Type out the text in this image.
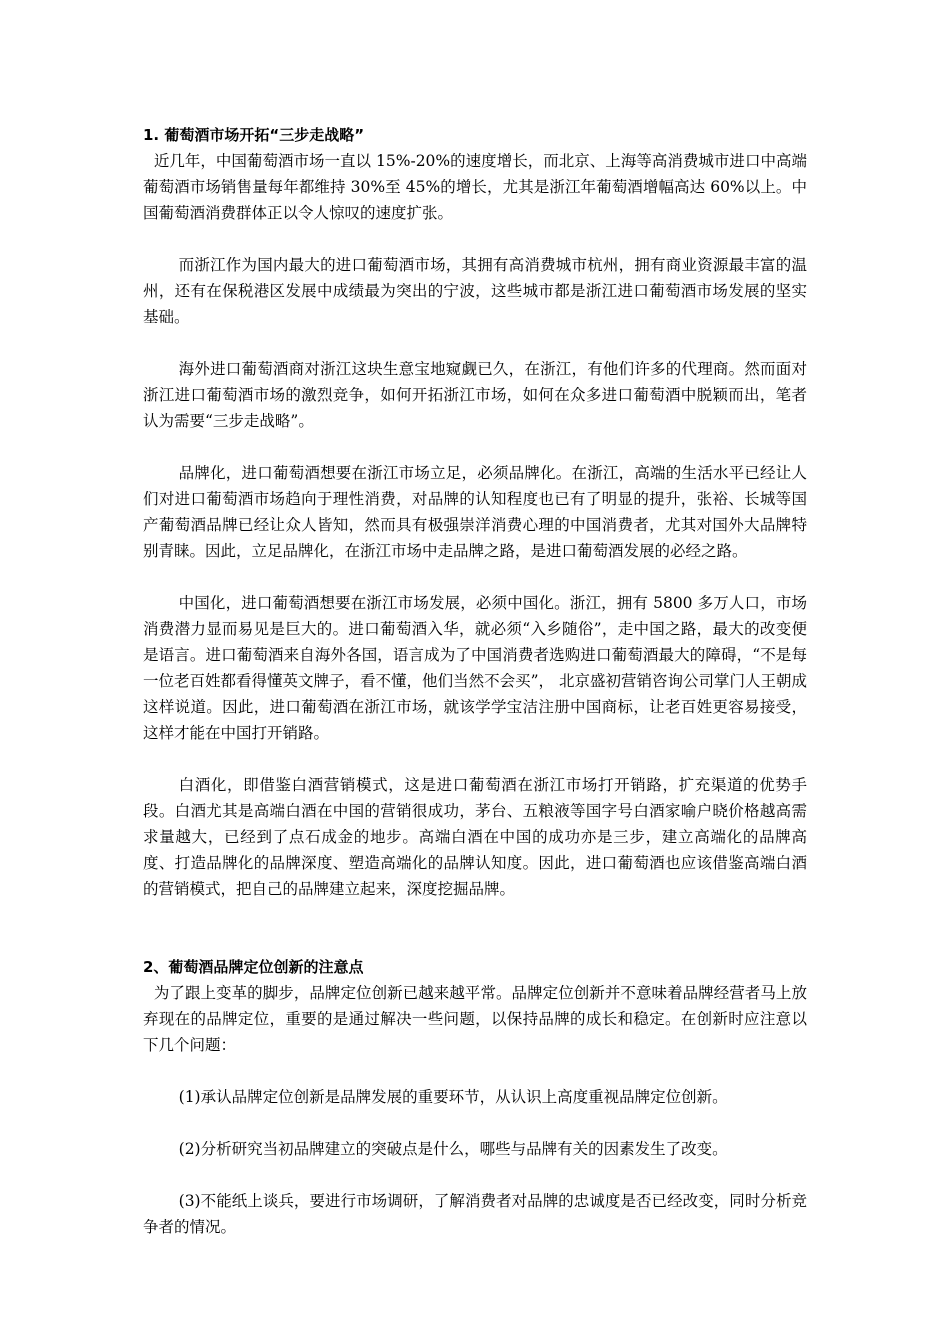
1. 葡萄酒市场开拓“三步走战略”

近几年，中国葡萄酒市场一直以 15%-20%的速度增长，而北京、上海等高消费城市进口中高端葡萄酒市场销售量每年都维持 30%至 45%的增长，尤其是浙江年葡萄酒增幅高达 60%以上。中国葡萄酒消费群体正以令人惊叹的速度扩张。

而浙江作为国内最大的进口葡萄酒市场，其拥有高消费城市杭州，拥有商业资源最丰富的温州，还有在保税港区发展中成绩最为突出的宁波，这些城市都是浙江进口葡萄酒市场发展的坚实基础。

海外进口葡萄酒商对浙江这块生意宝地窥觑已久，在浙江，有他们许多的代理商。然而面对浙江进口葡萄酒市场的激烈竞争，如何开拓浙江市场，如何在众多进口葡萄酒中脱颖而出，笔者认为需要“三步走战略”。

品牌化，进口葡萄酒想要在浙江市场立足，必须品牌化。在浙江，高端的生活水平已经让人们对进口葡萄酒市场趋向于理性消费，对品牌的认知程度也已有了明显的提升，张裕、长城等国产葡萄酒品牌已经让众人皆知，然而具有极强崇洋消费心理的中国消费者，尤其对国外大品牌特别青睐。因此，立足品牌化，在浙江市场中走品牌之路，是进口葡萄酒发展的必经之路。

中国化，进口葡萄酒想要在浙江市场发展，必须中国化。浙江，拥有 5800 多万人口，市场消费潜力显而易见是巨大的。进口葡萄酒入华，就必须“入乡随俗”，走中国之路，最大的改变便是语言。进口葡萄酒来自海外各国，语言成为了中国消费者选购进口葡萄酒最大的障碍，“不是每一位老百姓都看得懂英文牌子，看不懂，他们当然不会买”， 北京盛初营销咨询公司掌门人王朝成这样说道。因此，进口葡萄酒在浙江市场，就该学学宝洁注册中国商标，让老百姓更容易接受，这样才能在中国打开销路。

白酒化，即借鉴白酒营销模式，这是进口葡萄酒在浙江市场打开销路，扩充渠道的优势手段。白酒尤其是高端白酒在中国的营销很成功，茅台、五粮液等国字号白酒家喻户晓价格越高需求量越大，已经到了点石成金的地步。高端白酒在中国的成功亦是三步，建立高端化的品牌高度、打造品牌化的品牌深度、塑造高端化的品牌认知度。因此，进口葡萄酒也应该借鉴高端白酒的营销模式，把自己的品牌建立起来，深度挖掘品牌。

2、葡萄酒品牌定位创新的注意点

为了跟上变革的脚步，品牌定位创新已越来越平常。品牌定位创新并不意味着品牌经营者马上放弃现在的品牌定位，重要的是通过解决一些问题，以保持品牌的成长和稳定。在创新时应注意以下几个问题：

(1)承认品牌定位创新是品牌发展的重要环节，从认识上高度重视品牌定位创新。

(2)分析研究当初品牌建立的突破点是什么，哪些与品牌有关的因素发生了改变。

(3)不能纸上谈兵，要进行市场调研，了解消费者对品牌的忠诚度是否已经改变，同时分析竞争者的情况。
